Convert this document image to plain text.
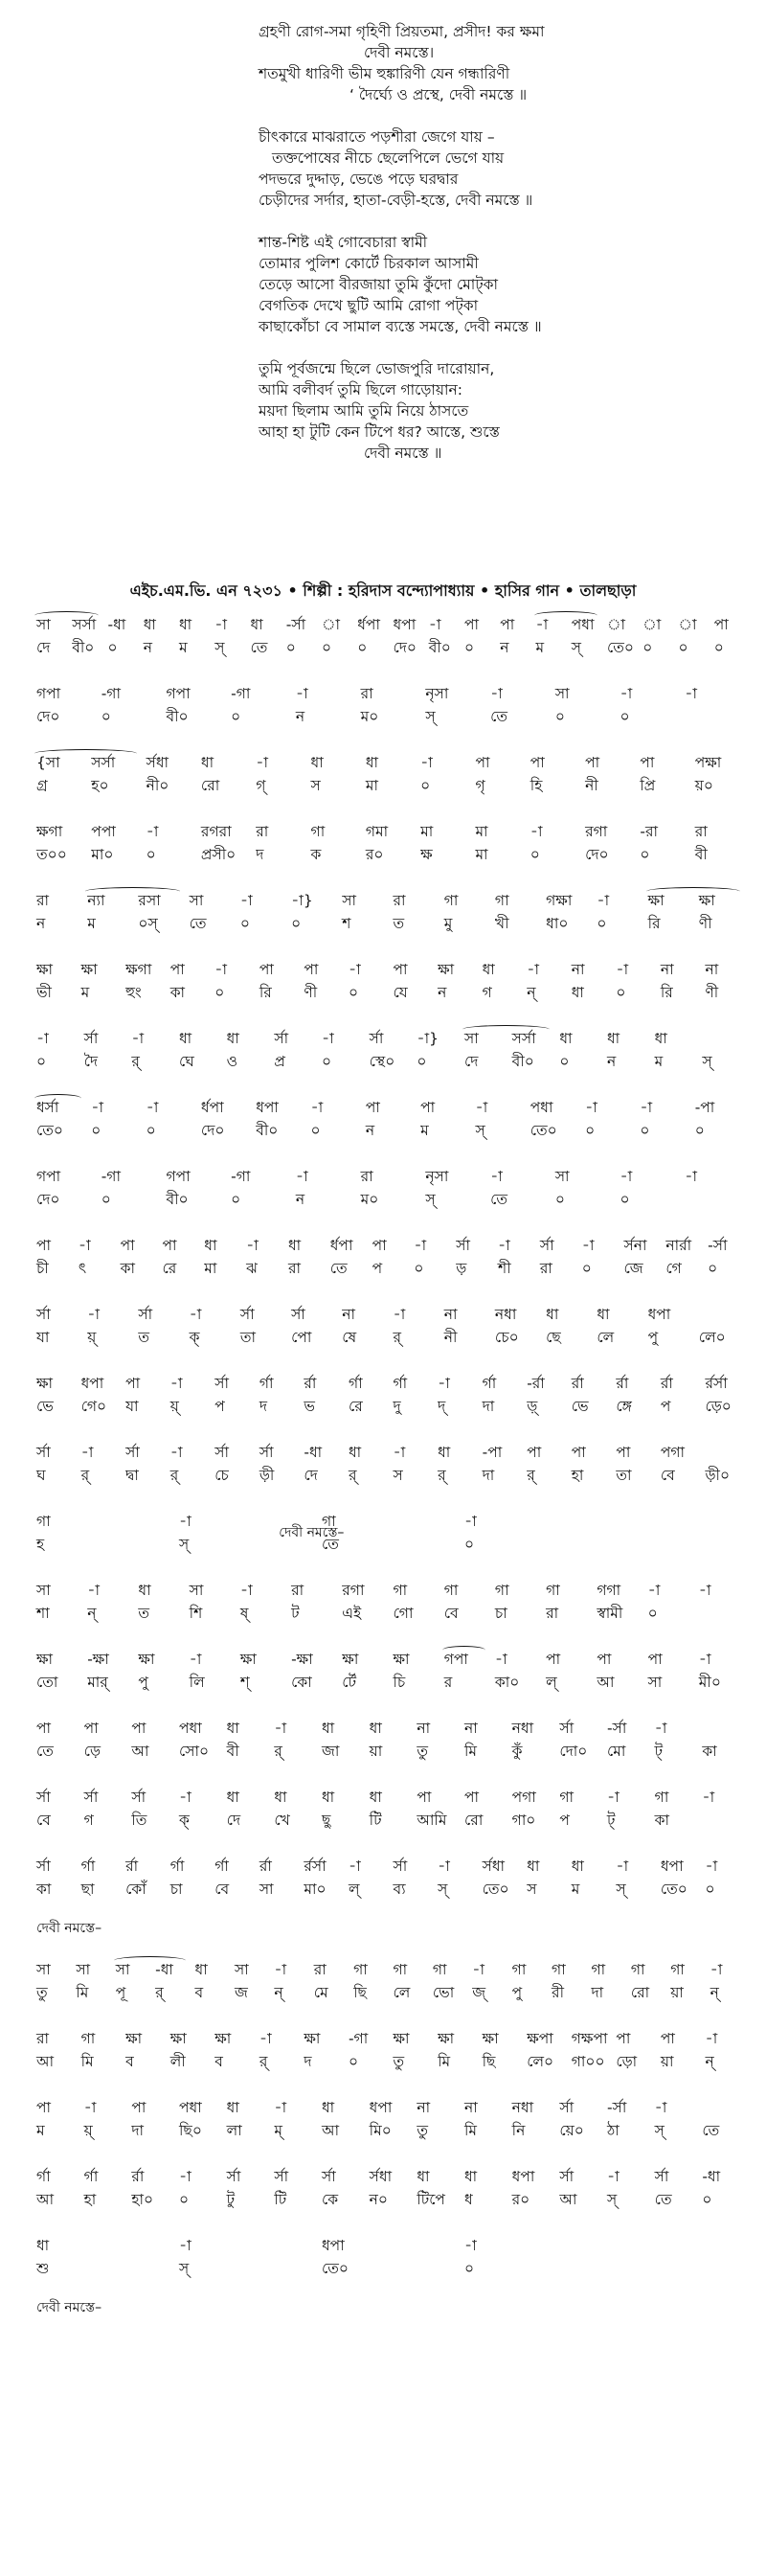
গ্রহণী রোগ-সমা গৃহিণী প্রিয়তমা, প্রসীদ! কর ক্ষমা
দেবী নমস্তে।
শতমুখী ধারিণী ভীম হুঙ্কারিণী যেন গন্ধারিণী
‘ দৈর্ঘ্যে ও প্রস্থে, দেবী নমস্তে ॥
চীৎকারে মাঝরাতে পড়শীরা জেগে যায় –
তক্তপোষের নীচে ছেলেপিলে ভেগে যায়
পদভরে দুদ্দাড়, ভেঙে পড়ে ঘরদ্বার
চেড়ীদের সর্দার, হাতা-বেড়ী-হস্তে, দেবী নমস্তে ॥
শান্ত-শিষ্ট এই গোবেচারা স্বামী
তোমার পুলিশ কোর্টে চিরকাল আসামী
তেড়ে আসো বীরজায়া তুমি কুঁদো মোট্‌কা
বেগতিক দেখে ছুটি আমি রোগা পট্‌কা
কাছাকোঁচা বে সামাল ব্যস্তে সমস্তে, দেবী নমস্তে ॥
তুমি পূর্বজন্মে ছিলে ভোজপুরি দারোয়ান,
আমি বলীবর্দ তুমি ছিলে গাড়োয়ান:
ময়দা ছিলাম আমি তুমি নিয়ে ঠাসতে
আহা হা টুটি কেন টিপে ধর? আস্তে, শুস্তে
দেবী নমস্তে ॥
এইচ.এম.ভি. এন ৭২৩১ • শিল্পী : হরিদাস বন্দ্যোপাধ্যায় • হাসির গান • তালছাড়া
সা সর্সা -ধা ধা ধা -া ধা -র্সা া র্ধপা ধপা -া পা পা -া পধা া া া পা
দে বী০ ০ ন ম স্ তে ০ ০ ০ দে০ বী০ ০ ন ম স্ তে০ ০ ০ ০
গপা	-গা	গপা	-গা	-া	রা	নৃসা	-া	সা	-া	-া
দে০	০	বী০	০	ন	ম০	স্	তে	০	০
{সা সর্সা র্সধা ধা	-া	ধা	ধা	-া	পা	পা	পা	পা	পক্ষা
গ্র	হ০	নী০ রো গ্	স	মা	০	গৃ	হি	নী	প্রি	য়০
ক্ষগা পপা -া	রগরা রা	গা	গমা মা	মা	-া	রগা -রা রা
ত০০ মা০ ০	প্রসী০ দ	ক	র০ ক্ষ	মা	০	দে০ ০	বী
রা	ন্যা রসা সা -া	-া} সা রা	গা গা গক্ষা -া	ক্ষা ক্ষা
ন	ম	০স্ তে ০	০	শ	ত	মু	খী ধা০ ০	রি	ণী
ক্ষা ক্ষা ক্ষগা পা -া পা পা -া পা ক্ষা ধা -া না -া না না
ভী ম হুং কা ০ রি ণী ০ যে ন গ ন্ ধা ০ রি ণী
-া র্সা -া ধা ধা র্সা -া র্সা -া} সা সর্সা ধা ধা ধা
০	দৈ র্	ঘে ও প্র ০	স্থে০ ০	দে বী০ ০	ন	ম	স্
ধর্সা -া	-া	র্ধপা ধপা -া	পা	পা	-া	পধা -া	-া	-পা
তে০ ০	০	দে০ বী০ ০	ন	ম	স্	তে০ ০	০	০
গপা	-গা	গপা	-গা	-া	রা	নৃসা	-া	সা	-া	-া
দে০	০	বী০	০	ন	ম০	স্	তে	০	০
পা -া পা পা ধা -া ধা র্ধপা পা -া র্সা -া র্সা -া র্সনা নার্রা -র্সা
চী ৎ কা রে মা ঝ রা তে প ০ ড় শী রা ০ জে গে ০
র্সা -া	র্সা -া	র্সা র্সা না	-া	না	নধা ধা	ধা	ধপা
যা	য়্	ত	ক্	তা পো ষে র্	নী	চে০ ছে লে পু	লে০
ক্ষা ধপা পা -া র্সা র্গা র্রা র্গা র্গা -া র্গা -র্রা র্রা র্রা র্রা র্রর্সা
ভে গে০ যা য়্ প দ ভ রে দু দ্ দা ড়্ ভে ঙ্গে প ড়ে০
র্সা -া র্সা -া র্সা র্সা -ধা ধা -া ধা -পা পা পা পা পগা
ঘ র্ দ্বা র্ চে ড়ী দে র্ স র্ দা র্ হা তা বে ড়ী০
গা	-া	গা	-া
হ	স্	তে	০
দেবী নমস্তে–
সা -া	ধা	সা -া	রা	রগা গা গা গা গা গগা -া	-া
শা	ন্	ত	শি	ষ্	ট	এই গো বে চা	রা	স্বামী ০
ক্ষা -ক্ষা ক্ষা -া	ক্ষা -ক্ষা ক্ষা ক্ষা গপা -া	পা পা পা -া
তো মার্ পু	লি শ্	কো র্টে চি	র	কা০ ল্	আ সা মী০
পা পা পা পধা ধা -া ধা ধা না না নধা র্সা -র্সা -া
তে ড়ে আ সো০ বী র্	জা য়া তু মি কুঁ	দো০ মো ট্	কা
র্সা র্সা র্সা -া ধা ধা ধা ধা পা পা পগা গা -া গা -া
বে গ	তি ক্	দে খে ছু	টি আমি রো গা০ প	ট্	কা
র্সা র্গা র্রা র্গা র্গা র্রা র্রর্সা -া র্সা -া র্সধা ধা ধা -া ধপা -া
কা ছা কোঁ চা বে সা মা০ ল্ ব্য স্ তে০ স ম স্ তে০ ০
দেবী নমস্তে–
সা সা সা -ধা ধা সা -া রা গা গা গা -া গা গা গা গা গা -া
তু মি পূ র্ ব জ ন্ মে ছি লে ভো জ্ পু রী দা রো য়া ন্
রা গা ক্ষা ক্ষা ক্ষা -া ক্ষা -গা ক্ষা ক্ষা ক্ষা ক্ষপা গক্ষপা পা পা -া
আ মি ব লী ব র্ দ ০ তু মি ছি লে০ গা০০ ড়ো য়া ন্
পা -া পা পধা ধা -া ধা ধপা না না নধা র্সা -র্সা -া
ম	য়্	দা ছি০ লা ম্	আ মি০ তু মি নি য়ে০ ঠা স্	তে
র্গা র্গা র্রা -া র্সা র্সা র্সা র্সধা ধা ধা ধপা র্সা -া র্সা -ধা
আ হা হা০ ০	টু	টি কে ন০ টিপে ধ	র০ আ স্	তে ০
ধা	-া	ধপা	-া
শু	স্	তে০	০
দেবী নমস্তে–
